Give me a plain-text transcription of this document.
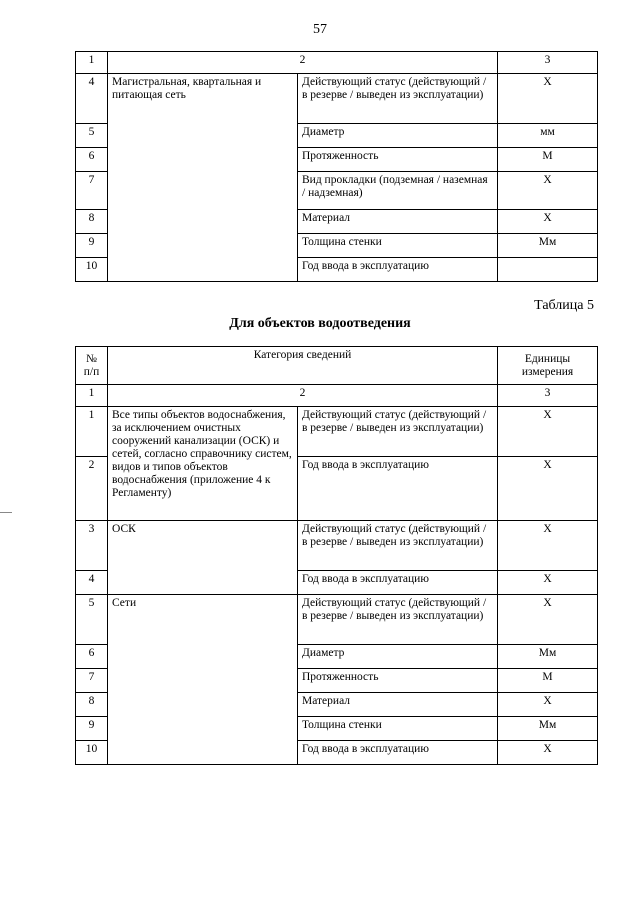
57
1	2		3
4	Магистральная, квартальная и питающая сеть	Действующий статус (действующий / в резерве / выведен из эксплуатации)	Х
5		Диаметр	мм
6		Протяженность	М
7		Вид прокладки (подземная / наземная / надземная)	Х
8		Материал	Х
9		Толщина стенки	Мм
10		Год ввода в эксплуатацию	
Таблица 5
Для объектов водоотведения
№ п/п	Категория сведений		Единицы измерения
1	2		3
1	Все типы объектов водоснабжения, за исключением очистных сооружений канализации (ОСК) и сетей, согласно справочнику систем, видов и типов объектов водоснабжения (приложение 4 к Регламенту)	Действующий статус (действующий / в резерве / выведен из эксплуатации)	Х
2		Год ввода в эксплуатацию	Х
3	ОСК	Действующий статус (действующий / в резерве / выведен из эксплуатации)	Х
4		Год ввода в эксплуатацию	Х
5	Сети	Действующий статус (действующий / в резерве / выведен из эксплуатации)	Х
6		Диаметр	Мм
7		Протяженность	М
8		Материал	Х
9		Толщина стенки	Мм
10		Год ввода в эксплуатацию	Х
